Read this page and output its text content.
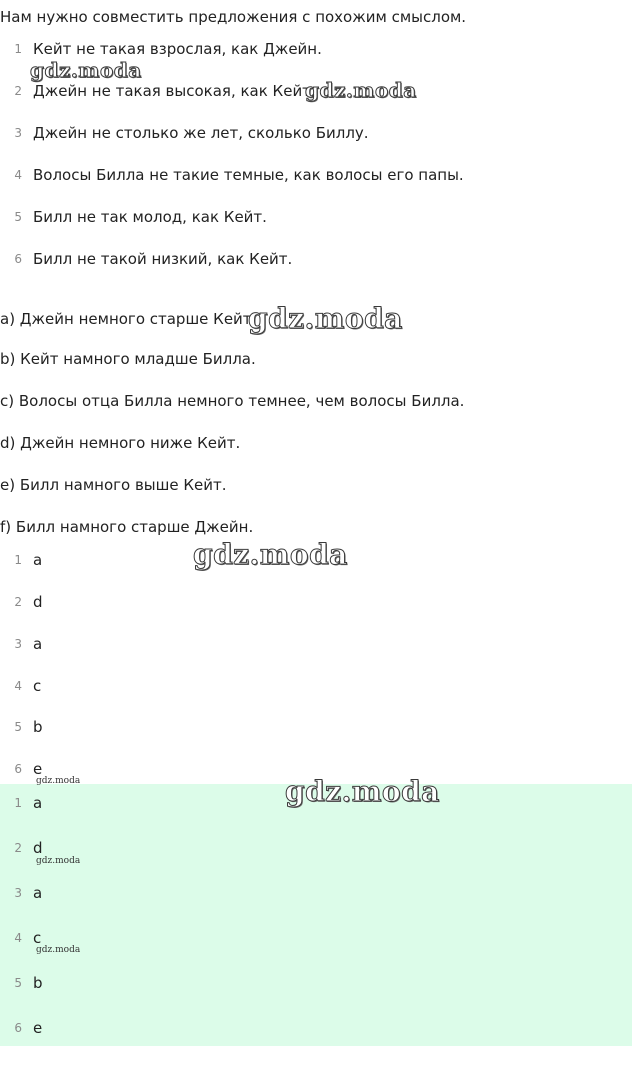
Нам нужно совместить предложения с похожим смыслом.
1 Кейт не такая взрослая, как Джейн.
2 Джейн не такая высокая, как Кейт.
3 Джейн не столько же лет, сколько Биллу.
4 Волосы Билла не такие темные, как волосы его папы.
5 Билл не так молод, как Кейт.
6 Билл не такой низкий, как Кейт.
a) Джейн немного старше Кейт.
b) Кейт намного младше Билла.
c) Волосы отца Билла немного темнее, чем волосы Билла.
d) Джейн немного ниже Кейт.
e) Билл намного выше Кейт.
f) Билл намного старше Джейн.
1 a
2 d
3 a
4 c
5 b
6 e
1 a
2 d
3 a
4 c
5 b
6 e
gdz.moda
gdz.moda
gdz.moda
gdz.moda
gdz.moda
gdz.moda
gdz.moda
gdz.moda
